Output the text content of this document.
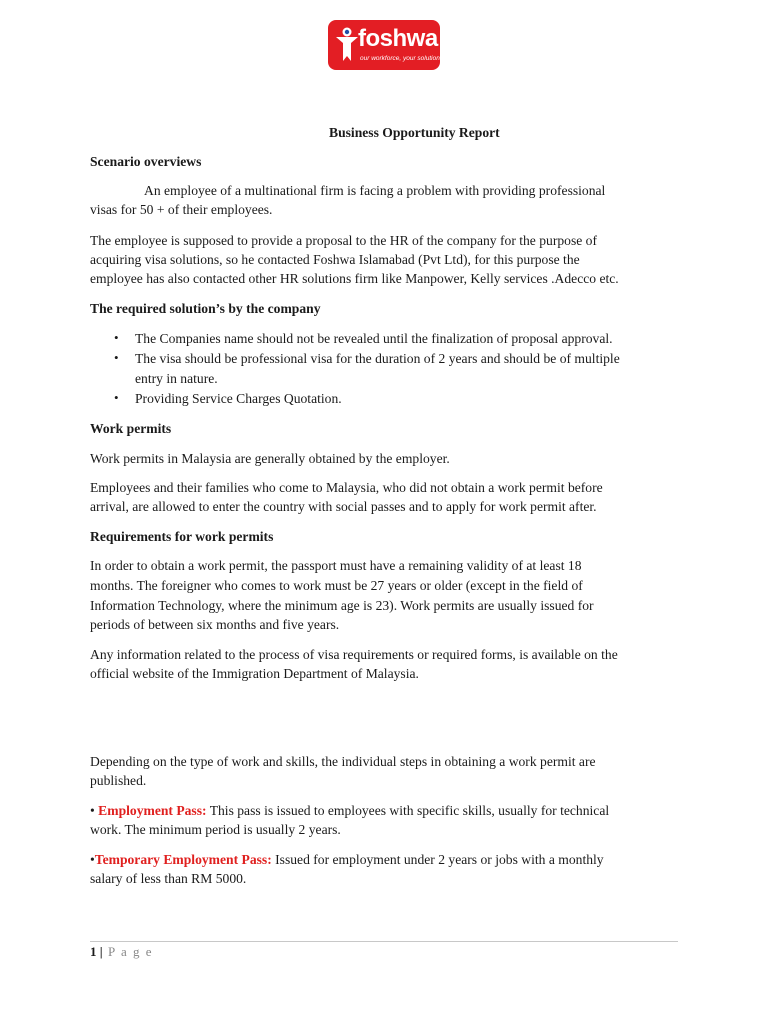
foshwa
our workforce, your solution
Business Opportunity Report
Scenario overviews
An employee of a multinational firm is facing a problem with providing professional
visas for 50 + of their employees.
The employee is supposed to provide a proposal to the HR of the company for the purpose of
acquiring visa solutions, so he contacted Foshwa Islamabad (Pvt Ltd), for this purpose the
employee has also contacted other HR solutions firm like Manpower, Kelly services .Adecco etc.
The required solution’s by the company
• The Companies name should not be revealed until the finalization of proposal approval.
• The visa should be professional visa for the duration of 2 years and should be of multiple
entry in nature.
• Providing Service Charges Quotation.
Work permits
Work permits in Malaysia are generally obtained by the employer.
Employees and their families who come to Malaysia, who did not obtain a work permit before
arrival, are allowed to enter the country with social passes and to apply for work permit after.
Requirements for work permits
In order to obtain a work permit, the passport must have a remaining validity of at least 18
months. The foreigner who comes to work must be 27 years or older (except in the field of
Information Technology, where the minimum age is 23). Work permits are usually issued for
periods of between six months and five years.
Any information related to the process of visa requirements or required forms, is available on the
official website of the Immigration Department of Malaysia.
Depending on the type of work and skills, the individual steps in obtaining a work permit are
published.
• Employment Pass: This pass is issued to employees with specific skills, usually for technical
work. The minimum period is usually 2 years.
•Temporary Employment Pass: Issued for employment under 2 years or jobs with a monthly
salary of less than RM 5000.
1 | P a g e
